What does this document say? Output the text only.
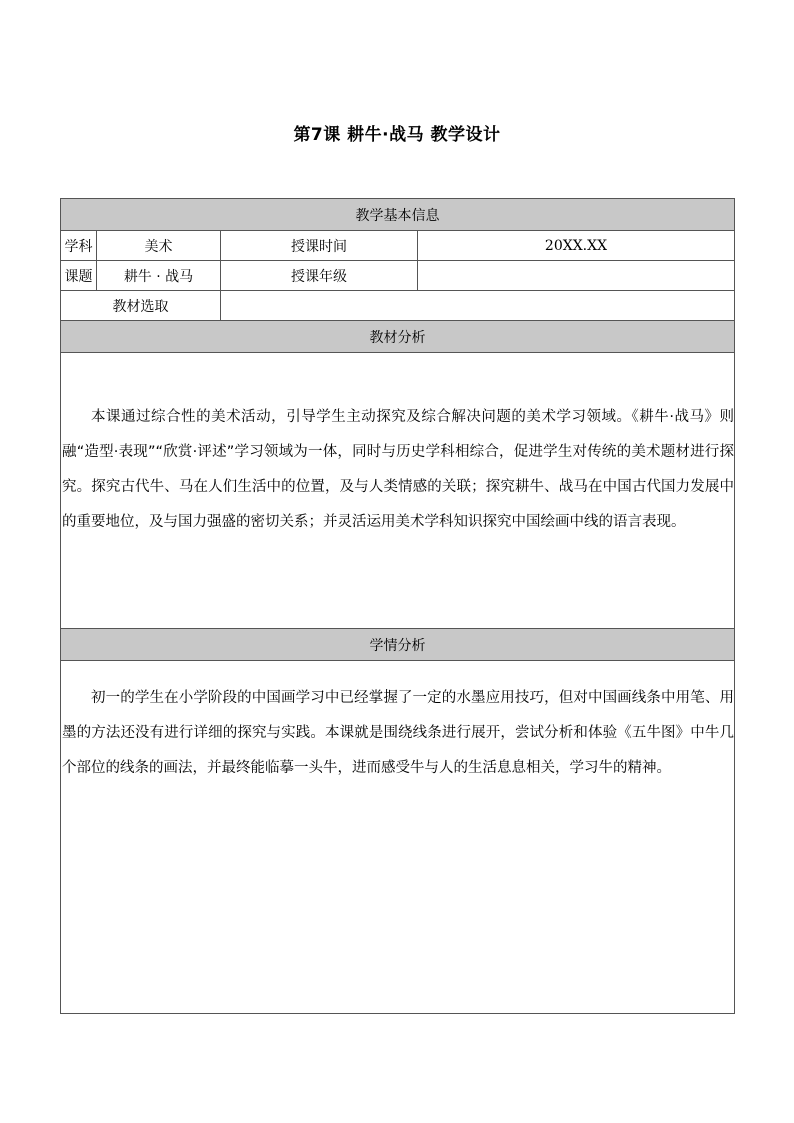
第7课 耕牛·战马 教学设计
教学基本信息			
学科	美术	授课时间	20XX.XX
课题	耕牛 · 战马	授课年级	
教材选取			
教材分析			

本课通过综合性的美术活动，引导学生主动探究及综合解决问题的美术学习领域。《耕牛·战马》则融“造型·表现”“欣赏·评述”学习领域为一体，同时与历史学科相综合，促进学生对传统的美术题材进行探究。探究古代牛、马在人们生活中的位置，及与人类情感的关联；探究耕牛、战马在中国古代国力发展中的重要地位，及与国力强盛的密切关系；并灵活运用美术学科知识探究中国绘画中线的语言表现。			

学情分析			

初一的学生在小学阶段的中国画学习中已经掌握了一定的水墨应用技巧，但对中国画线条中用笔、用墨的方法还没有进行详细的探究与实践。本课就是围绕线条进行展开，尝试分析和体验《五牛图》中牛几个部位的线条的画法，并最终能临摹一头牛，进而感受牛与人的生活息息相关，学习牛的精神。			
